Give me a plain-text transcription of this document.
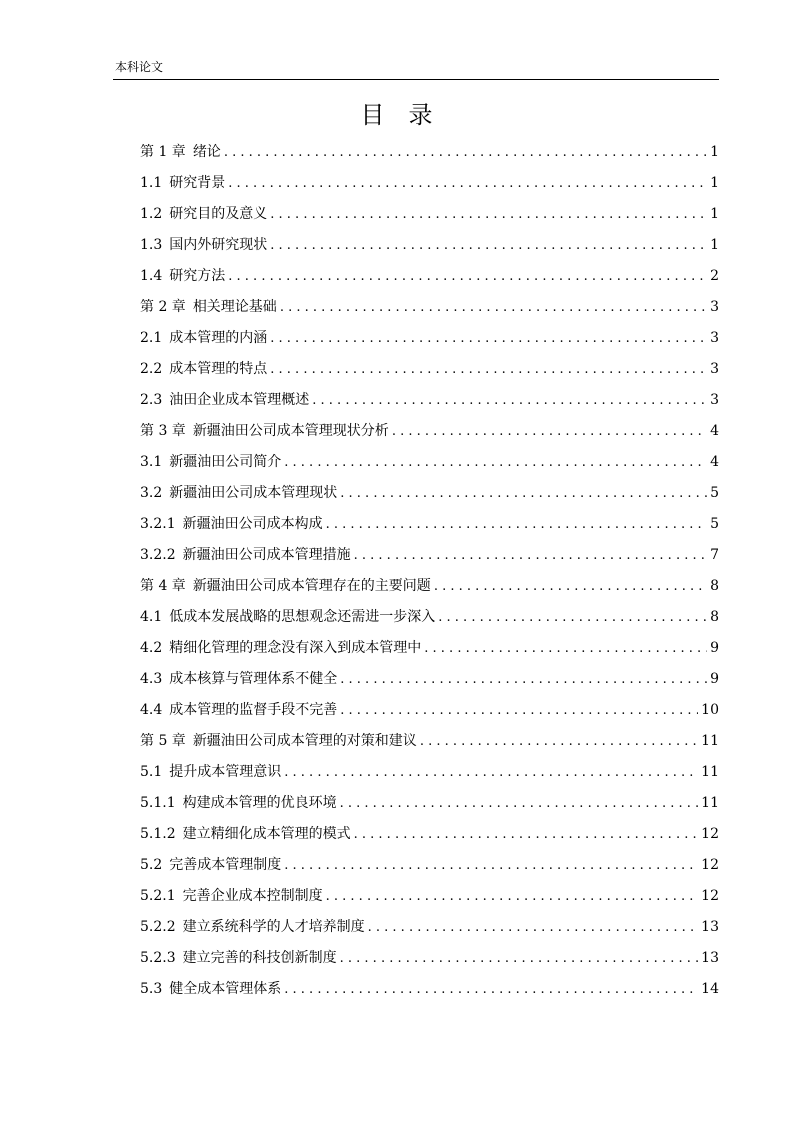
本科论文
目　录
第 1 章 绪论 . . .	1
1.1 研究背景 . . .	1
1.2 研究目的及意义 . . .	1
1.3 国内外研究现状 . . .	1
1.4 研究方法 . . .	2
第 2 章 相关理论基础 . . .	3
2.1 成本管理的内涵 . . .	3
2.2 成本管理的特点 . . .	3
2.3 油田企业成本管理概述 . . .	3
第 3 章 新疆油田公司成本管理现状分析 . . .	4
3.1 新疆油田公司简介 . . .	4
3.2 新疆油田公司成本管理现状 . . .	5
3.2.1 新疆油田公司成本构成 . . .	5
3.2.2 新疆油田公司成本管理措施 . . .	7
第 4 章 新疆油田公司成本管理存在的主要问题 . . .	8
4.1 低成本发展战略的思想观念还需进一步深入 . . .	8
4.2 精细化管理的理念没有深入到成本管理中 . . .	9
4.3 成本核算与管理体系不健全 . . .	9
4.4 成本管理的监督手段不完善 . . .	10
第 5 章 新疆油田公司成本管理的对策和建议 . . .	11
5.1 提升成本管理意识 . . .	11
5.1.1 构建成本管理的优良环境 . . .	11
5.1.2 建立精细化成本管理的模式 . . .	12
5.2 完善成本管理制度 . . .	12
5.2.1 完善企业成本控制制度 . . .	12
5.2.2 建立系统科学的人才培养制度 . . .	13
5.2.3 建立完善的科技创新制度 . . .	13
5.3 健全成本管理体系 . . .	14
